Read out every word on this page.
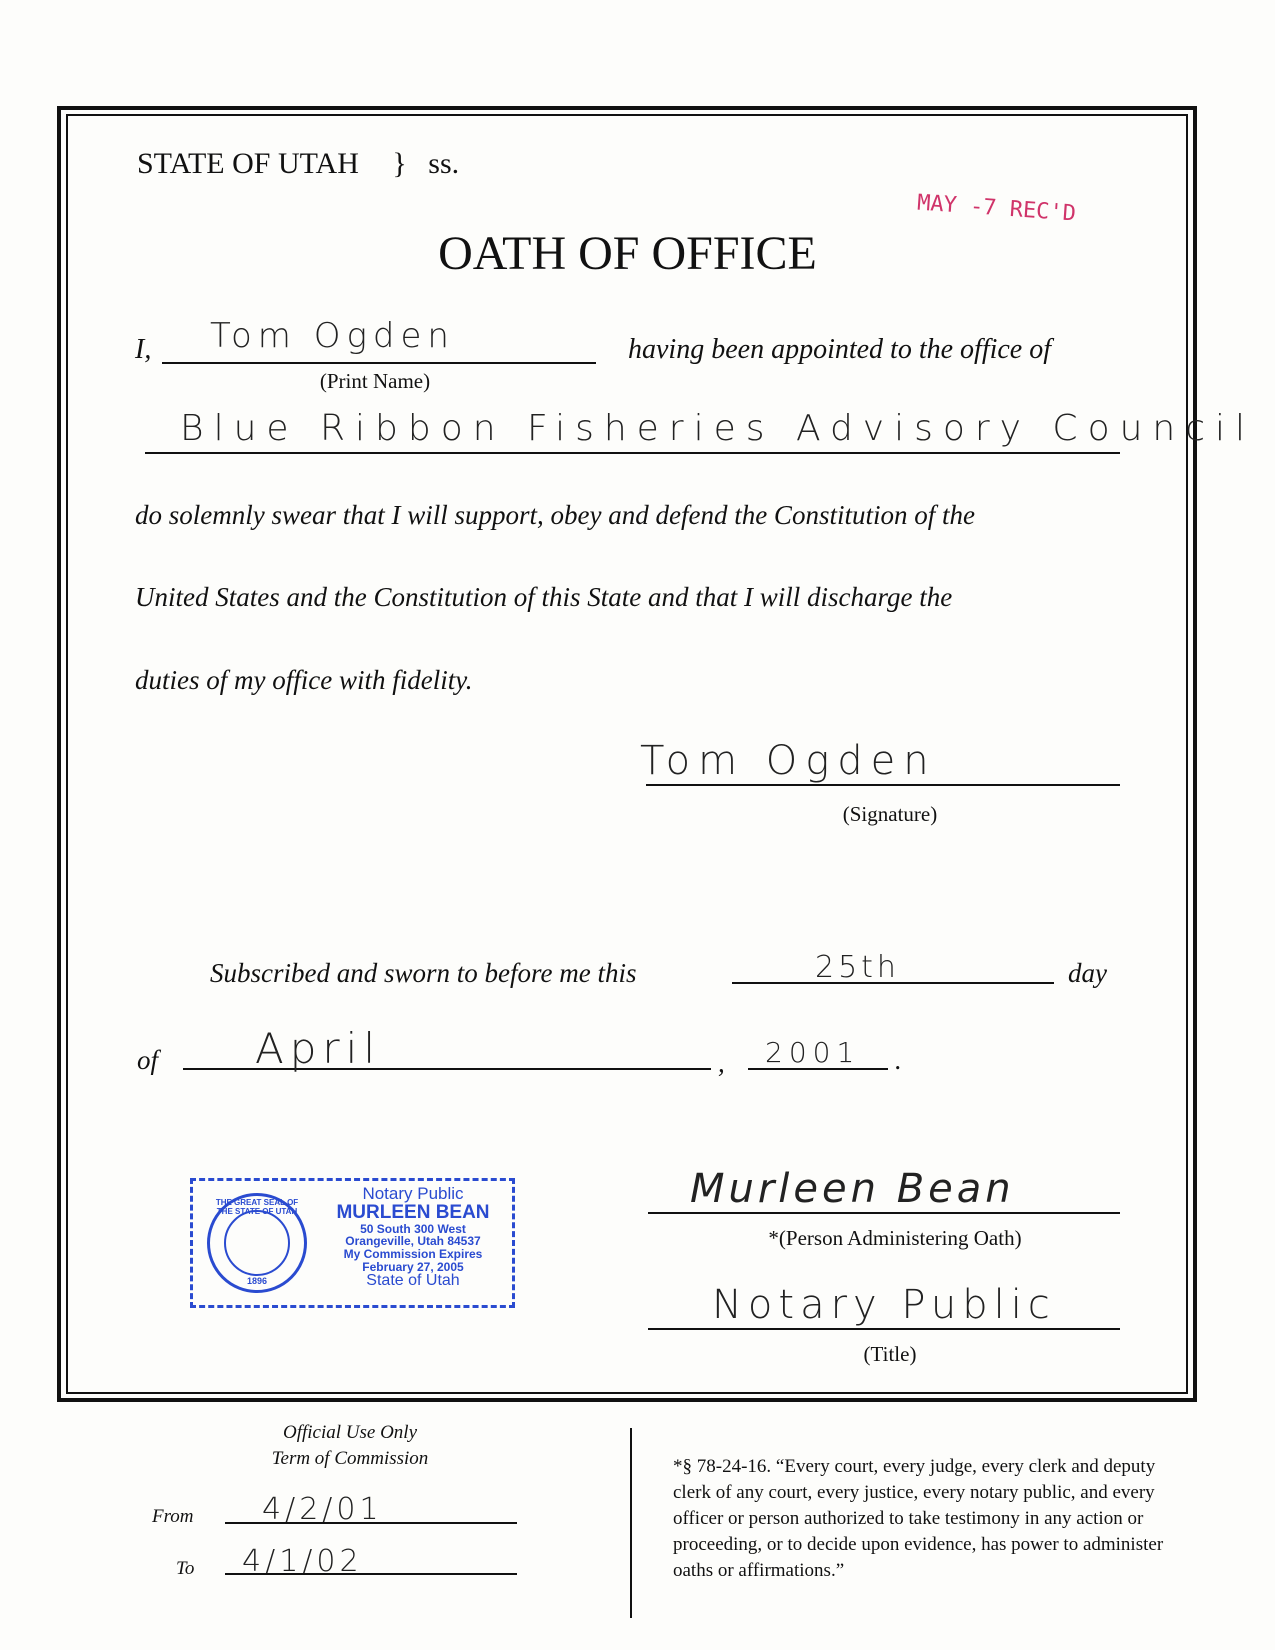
STATE OF UTAH } ss.
MAY -7 REC'D
OATH OF OFFICE
I, Tom Ogden
(Print Name)
having been appointed to the office of
Blue Ribbon Fisheries Advisory Council
do solemnly swear that I will support, obey and defend the Constitution of the
United States and the Constitution of this State and that I will discharge the
duties of my office with fidelity.
Tom Ogden
(Signature)
Subscribed and sworn to before me this	25th	day
of April	, 2001 .
THE GREAT SEAL OF THE STATE OF UTAH
1896
Notary Public
MURLEEN BEAN
50 South 300 West
Orangeville, Utah 84537
My Commission Expires
February 27, 2005
State of Utah
Murleen Bean
*(Person Administering Oath)
Notary Public
(Title)
Official Use Only
Term of Commission
From 4/2/01
To 4/1/02
*§ 78-24-16. “Every court, every judge, every clerk and deputy clerk of any court, every justice, every notary public, and every officer or person authorized to take testimony in any action or proceeding, or to decide upon evidence, has power to administer oaths or affirmations.”
